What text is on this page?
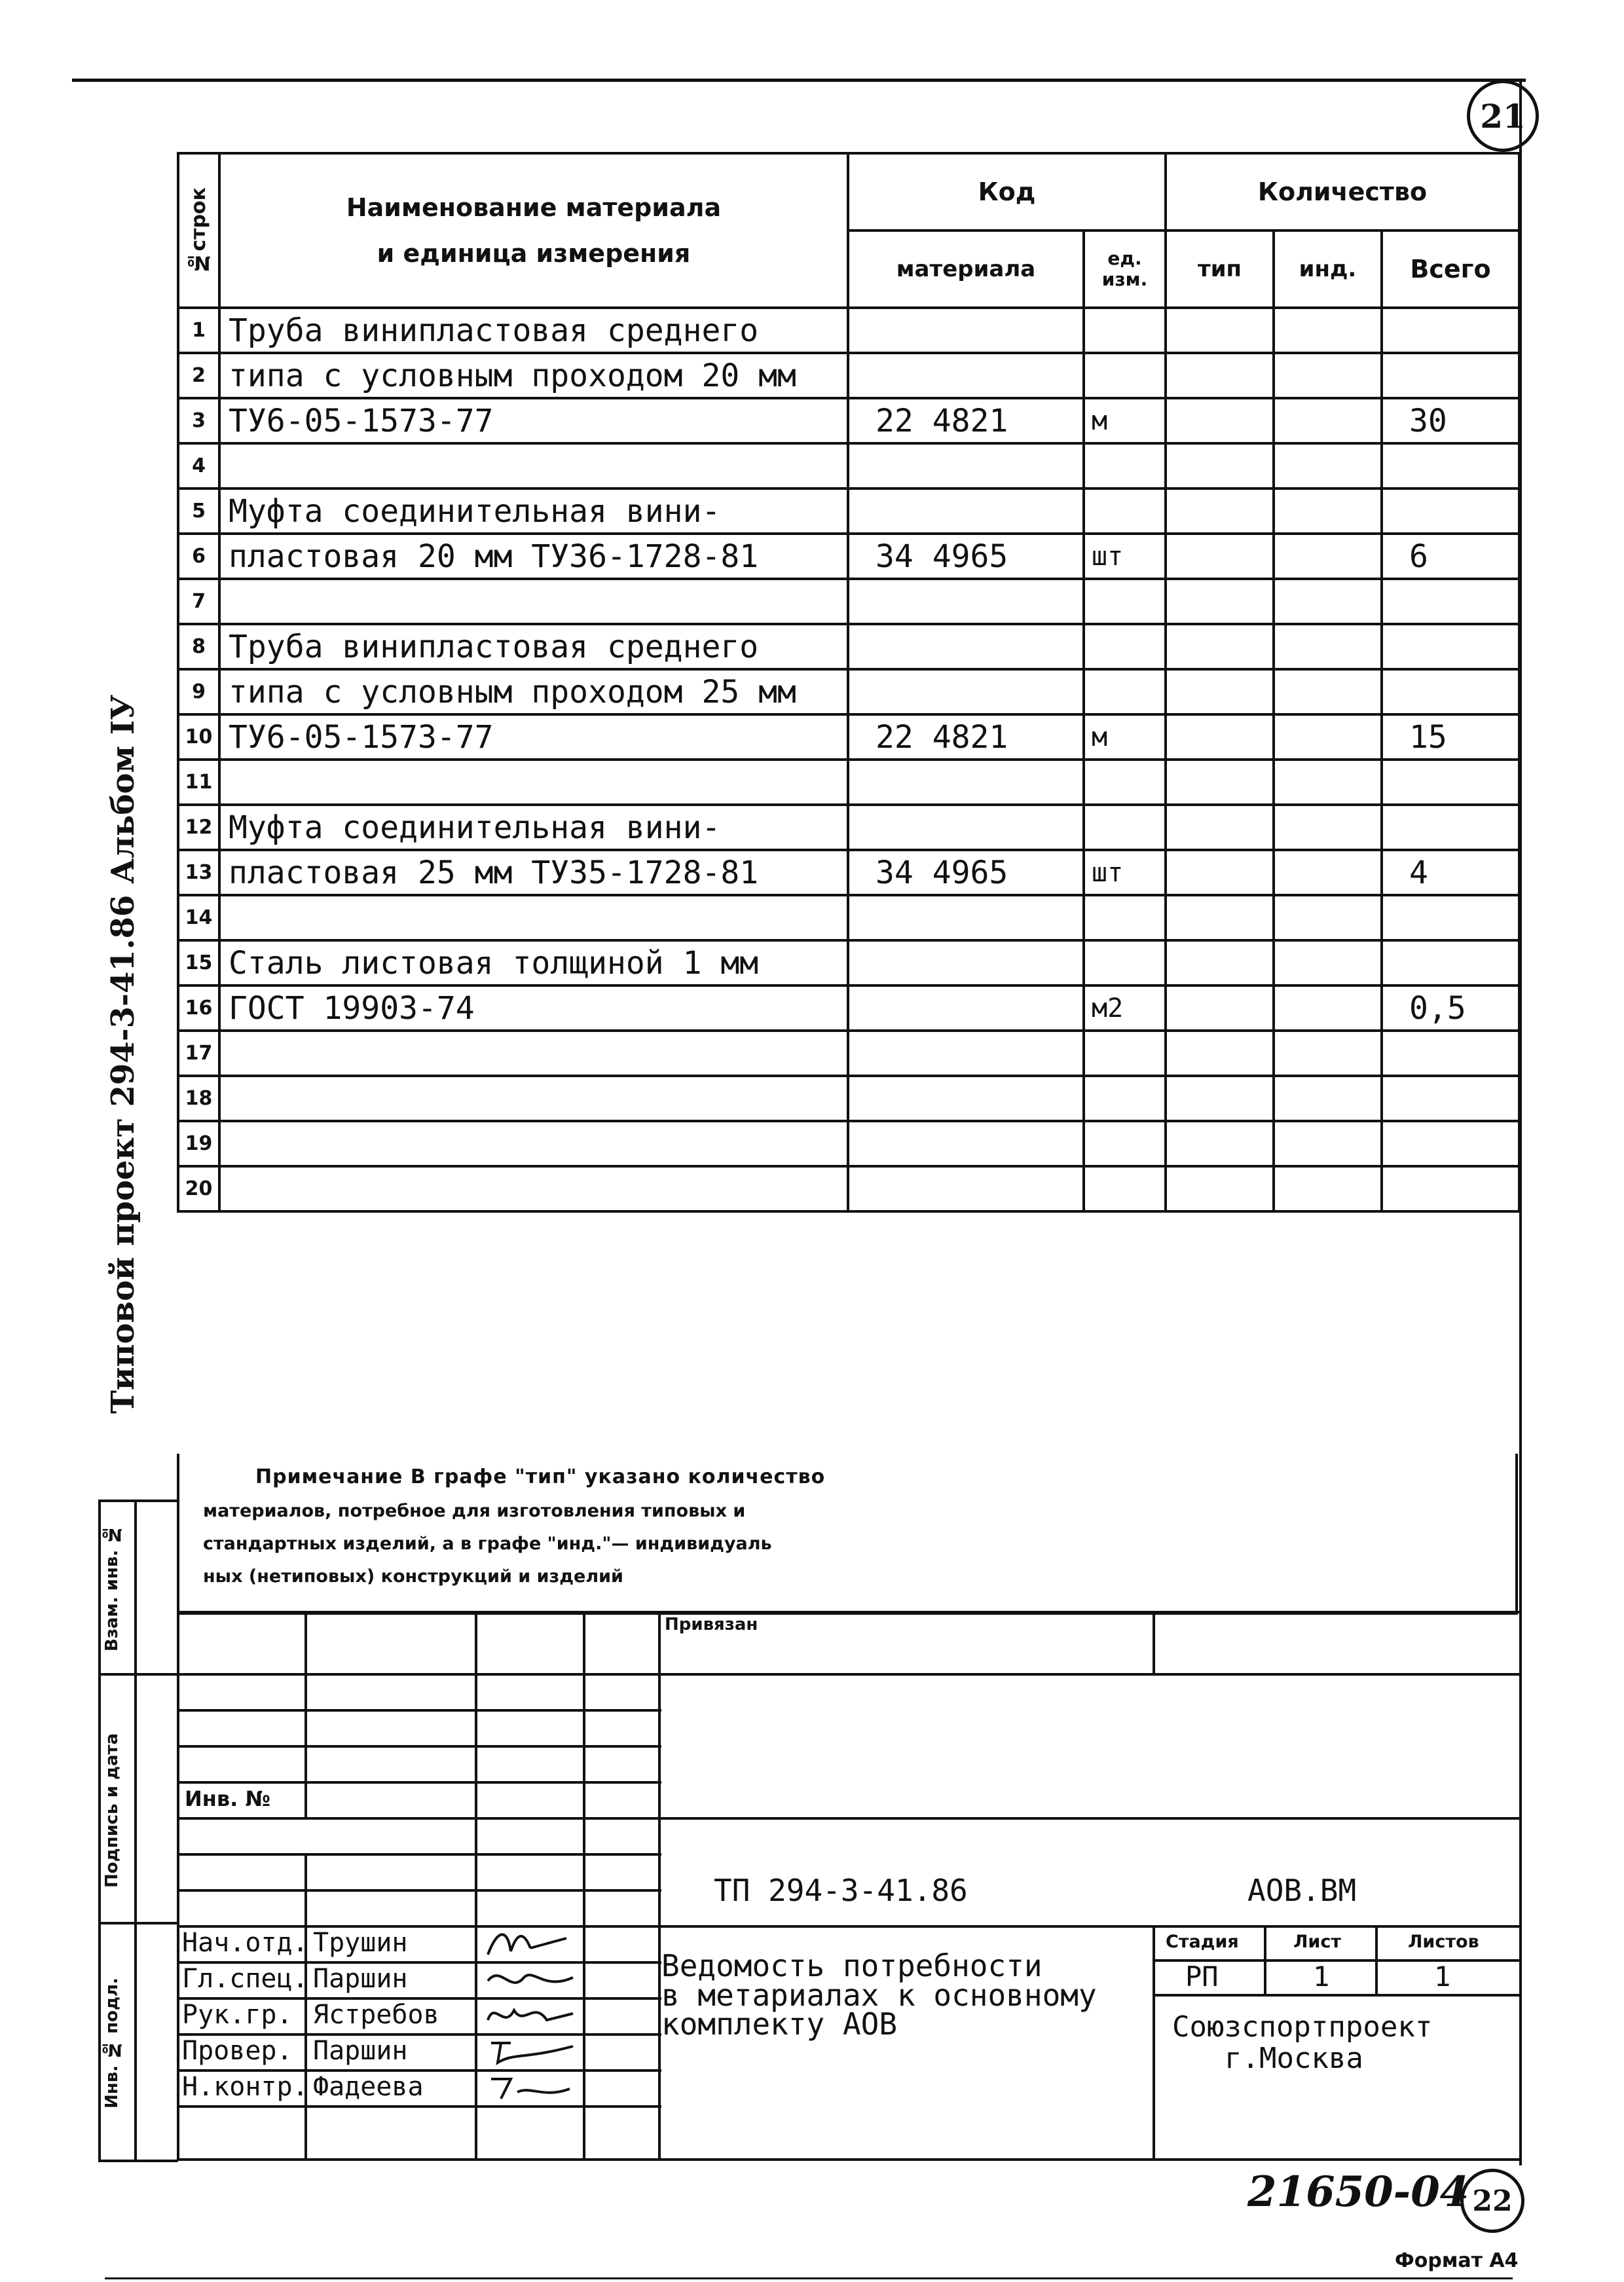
21
Типовой проект 294-3-41.86 Альбом IУ
№строк	Наименование материала
и единица измерения	Код		Количество		
		материала	ед. изм.	тип	инд.	Всего
1	Труба винипластовая среднего					
2	типа с условным проходом 20 мм					
3	ТУ6-05-1573-77	22 4821	м			30
4						
5	Муфта соединительная вини-					
6	пластовая 20 мм ТУ36-1728-81	34 4965	шт			6
7						
8	Труба винипластовая среднего					
9	типа с условным проходом 25 мм					
10	ТУ6-05-1573-77	22 4821	м			15
11						
12	Муфта соединительная вини-					
13	пластовая 25 мм ТУ35-1728-81	34 4965	шт			4
14						
15	Сталь листовая толщиной 1 мм					
16	ГОСТ 19903-74		м2			0,5
17						
18						
19						
20						
Примечание В графе "тип" указано количество
материалов, потребное для изготовления типовых и
стандартных изделий, а в графе "инд."— индивидуаль
ных (нетиповых) конструкций и изделий
Взам. инв. №
Подпись и дата
Инв. № подл.
Привязан
Инв. №
ТП 294-3-41.86	АОВ.ВМ
Нач.отд. Трушин
Гл.спец. Паршин
Рук.гр. Ястребов
Провер. Паршин
Н.контр. Фадеева
Ведомость потребности
в метариалах к основному
комплекту АОВ
Стадия	Лист	Листов
РП	1	1
Союзспортпроект
г.Москва
21650-04 22
Формат А4
